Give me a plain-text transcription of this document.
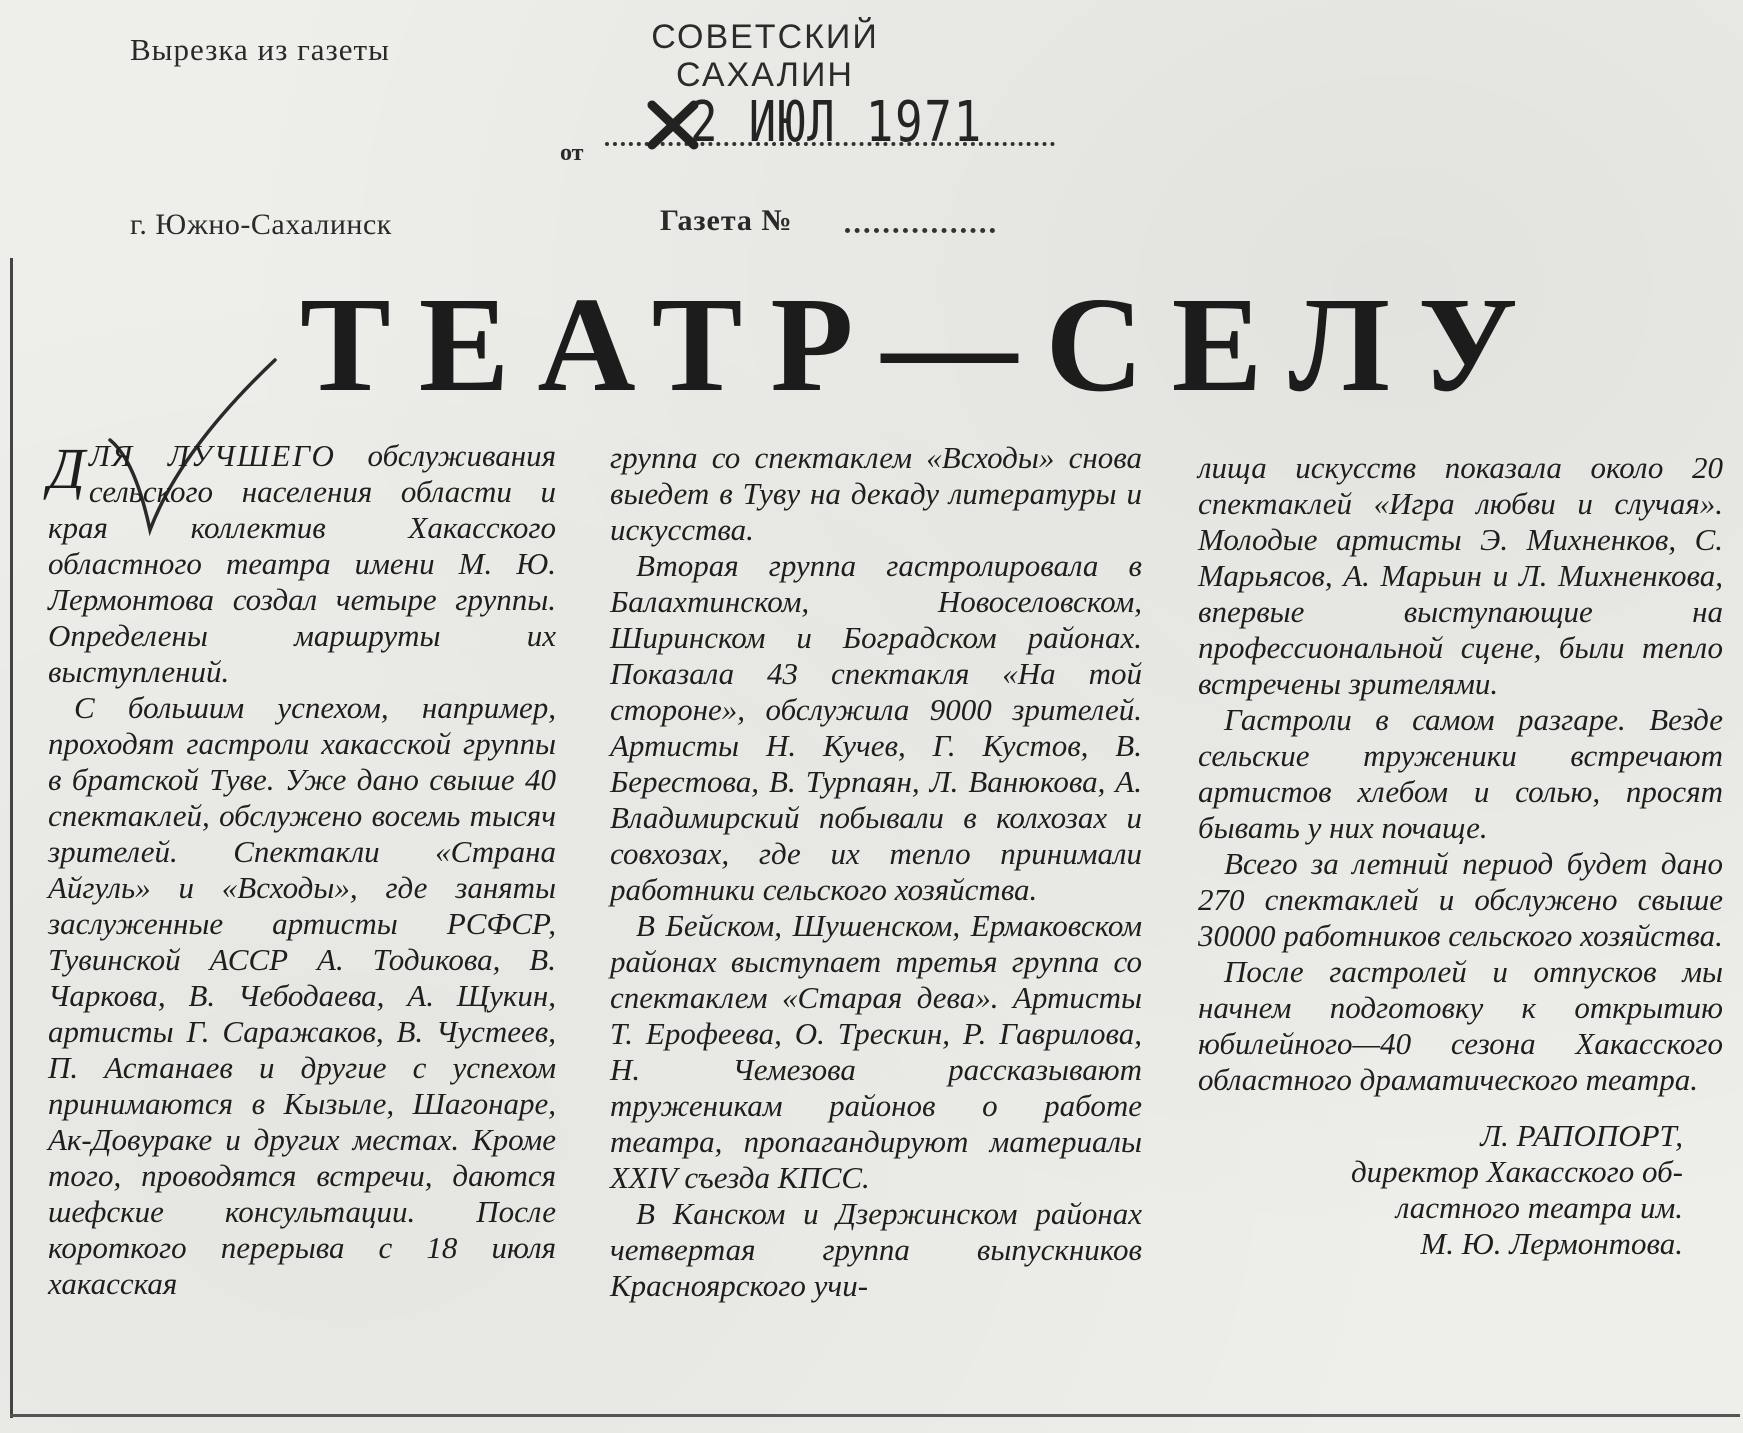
Вырезка из газеты
г. Южно-Сахалинск
СОВЕТСКИЙ
САХАЛИН
от 2 ИЮЛ 1971
Газета №
ТЕАТР—СЕЛУ

ДЛЯ ЛУЧШЕГО обслуживания сельского населения области и края коллектив Хакасского областного театра имени М. Ю. Лермонтова создал четыре группы. Определены маршруты их выступлений.

С большим успехом, например, проходят гастроли хакасской группы в братской Туве. Уже дано свыше 40 спектаклей, обслужено восемь тысяч зрителей. Спектакли «Страна Айгуль» и «Всходы», где заняты заслуженные артисты РСФСР, Тувинской АССР А. Тодикова, В. Чаркова, В. Чебодаева, А. Щукин, артисты Г. Саражаков, В. Чустеев, П. Астанаев и другие с успехом принимаются в Кызыле, Шагонаре, Ак-Довураке и других местах. Кроме того, проводятся встречи, даются шефские консультации. После короткого перерыва с 18 июля хакасская

группа со спектаклем «Всходы» снова выедет в Туву на декаду литературы и искусства.

Вторая группа гастролировала в Балахтинском, Новоселовском, Ширинском и Боградском районах. Показала 43 спектакля «На той стороне», обслужила 9000 зрителей. Артисты Н. Кучев, Г. Кустов, В. Берестова, В. Турпаян, Л. Ванюкова, А. Владимирский побывали в колхозах и совхозах, где их тепло принимали работники сельского хозяйства.

В Бейском, Шушенском, Ермаковском районах выступает третья группа со спектаклем «Старая дева». Артисты Т. Ерофеева, О. Трескин, Р. Гаврилова, Н. Чемезова рассказывают труженикам районов о работе театра, пропагандируют материалы XXIV съезда КПСС.

В Канском и Дзержинском районах четвертая группа выпускников Красноярского учи-

лища искусств показала около 20 спектаклей «Игра любви и случая». Молодые артисты Э. Михненков, С. Марьясов, А. Марьин и Л. Михненкова, впервые выступающие на профессиональной сцене, были тепло встречены зрителями.

Гастроли в самом разгаре. Везде сельские труженики встречают артистов хлебом и солью, просят бывать у них почаще.

Всего за летний период будет дано 270 спектаклей и обслужено свыше 30000 работников сельского хозяйства.

После гастролей и отпусков мы начнем подготовку к открытию юбилейного—40 сезона Хакасского областного драматического театра.

Л. РАПОПОРТ,
директор Хакасского об-
ластного театра им.
М. Ю. Лермонтова.
